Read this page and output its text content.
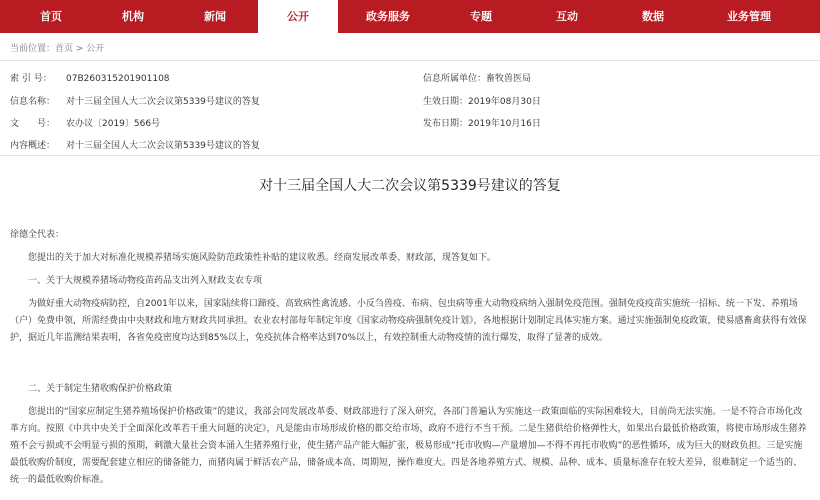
首页	机构	新闻	公开	政务服务	专题	互动	数据	业务管理
当前位置：首页 > 公开
索 引 号： 07B260315201901108	信息所属单位：畜牧兽医局
信息名称： 对十三届全国人大二次会议第5339号建议的答复	生效日期：2019年08月30日
文　　号： 农办议〔2019〕566号	发布日期：2019年10月16日
内容概述： 对十三届全国人大二次会议第5339号建议的答复
对十三届全国人大二次会议第5339号建议的答复

徐德全代表：

您提出的关于加大对标准化规模养猪场实施风险防范政策性补贴的建议收悉。经商发展改革委、财政部，现答复如下。

一、关于大规模养猪场动物疫苗药品支出列入财政支农专项

为做好重大动物疫病防控，自2001年以来，国家陆续将口蹄疫、高致病性禽流感、小反刍兽疫、布病、包虫病等重大动物疫病纳入强制免疫范围。强制免疫疫苗实施统一招标、统一下发、养殖场（户）免费申领，所需经费由中央财政和地方财政共同承担。农业农村部每年制定年度《国家动物疫病强制免疫计划》，各地根据计划制定具体实施方案。通过实施强制免疫政策，使易感畜禽获得有效保护，据近几年监测结果表明，各省免疫密度均达到85%以上，免疫抗体合格率达到70%以上，有效控制重大动物疫情的流行爆发，取得了显著的成效。

二、关于制定生猪收购保护价格政策

您提出的“国家应制定生猪养殖场保护价格政策”的建议，我部会同发展改革委、财政部进行了深入研究，各部门普遍认为实施这一政策面临的实际困难较大，目前尚无法实施。一是不符合市场化改革方向。按照《中共中央关于全面深化改革若干重大问题的决定》，凡是能由市场形成价格的都交给市场，政府不进行不当干预。二是生猪供给价格弹性大，如果出台最低价格政策，将使市场形成生猪养殖不会亏损或不会明显亏损的预期，刺激大量社会资本涌入生猪养殖行业，使生猪产品产能大幅扩张，极易形成“托市收购—产量增加—不得不再托市收购”的恶性循环，成为巨大的财政负担。三是实施最低收购价制度，需要配套建立相应的储备能力，而猪肉属于鲜活农产品，储备成本高、周期短，操作难度大。四是各地养殖方式、规模、品种、成本、质量标准存在较大差异，很难制定一个适当的、统一的最低收购价标准。
